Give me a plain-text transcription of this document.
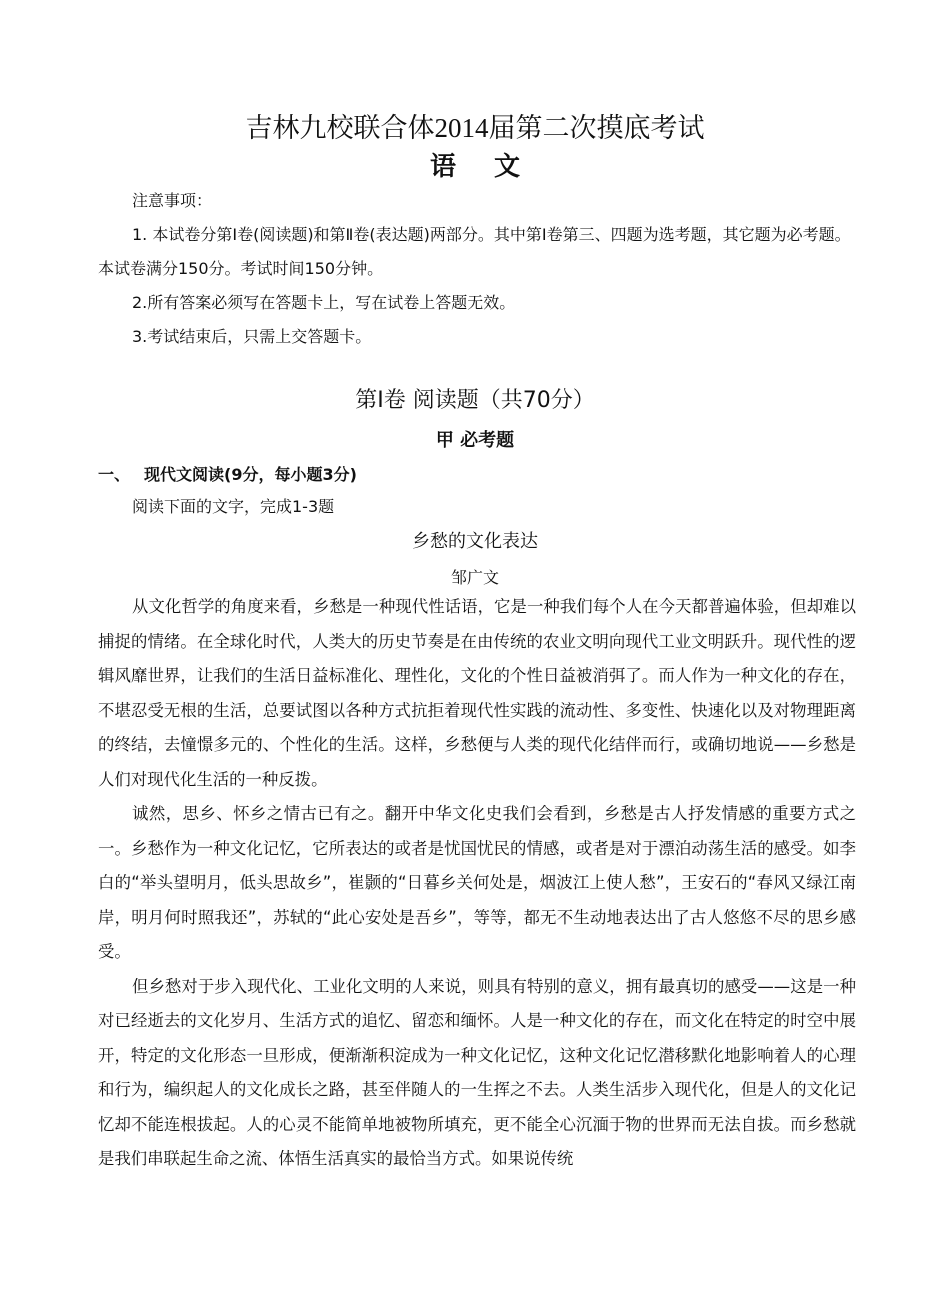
吉林九校联合体2014届第二次摸底考试
语文

注意事项：

1. 本试卷分第Ⅰ卷(阅读题)和第Ⅱ卷(表达题)两部分。其中第Ⅰ卷第三、四题为选考题，其它题为必考题。本试卷满分150分。考试时间150分钟。

2.所有答案必须写在答题卡上，写在试卷上答题无效。

3.考试结束后，只需上交答题卡。

第Ⅰ卷 阅读题（共70分）
甲 必考题
一、 现代文阅读(9分，每小题3分)
阅读下面的文字，完成1-3题
乡愁的文化表达
邹广文

从文化哲学的角度来看，乡愁是一种现代性话语，它是一种我们每个人在今天都普遍体验，但却难以捕捉的情绪。在全球化时代，人类大的历史节奏是在由传统的农业文明向现代工业文明跃升。现代性的逻辑风靡世界，让我们的生活日益标准化、理性化，文化的个性日益被消弭了。而人作为一种文化的存在，不堪忍受无根的生活，总要试图以各种方式抗拒着现代性实践的流动性、多变性、快速化以及对物理距离的终结，去憧憬多元的、个性化的生活。这样，乡愁便与人类的现代化结伴而行，或确切地说——乡愁是人们对现代化生活的一种反拨。

诚然，思乡、怀乡之情古已有之。翻开中华文化史我们会看到，乡愁是古人抒发情感的重要方式之一。乡愁作为一种文化记忆，它所表达的或者是忧国忧民的情感，或者是对于漂泊动荡生活的感受。如李白的“举头望明月，低头思故乡”，崔颢的“日暮乡关何处是，烟波江上使人愁”，王安石的“春风又绿江南岸，明月何时照我还”，苏轼的“此心安处是吾乡”，等等，都无不生动地表达出了古人悠悠不尽的思乡感受。

但乡愁对于步入现代化、工业化文明的人来说，则具有特别的意义，拥有最真切的感受——这是一种对已经逝去的文化岁月、生活方式的追忆、留恋和缅怀。人是一种文化的存在，而文化在特定的时空中展开，特定的文化形态一旦形成，便渐渐积淀成为一种文化记忆，这种文化记忆潜移默化地影响着人的心理和行为，编织起人的文化成长之路，甚至伴随人的一生挥之不去。人类生活步入现代化，但是人的文化记忆却不能连根拔起。人的心灵不能简单地被物所填充，更不能全心沉湎于物的世界而无法自拔。而乡愁就是我们串联起生命之流、体悟生活真实的最恰当方式。如果说传统
